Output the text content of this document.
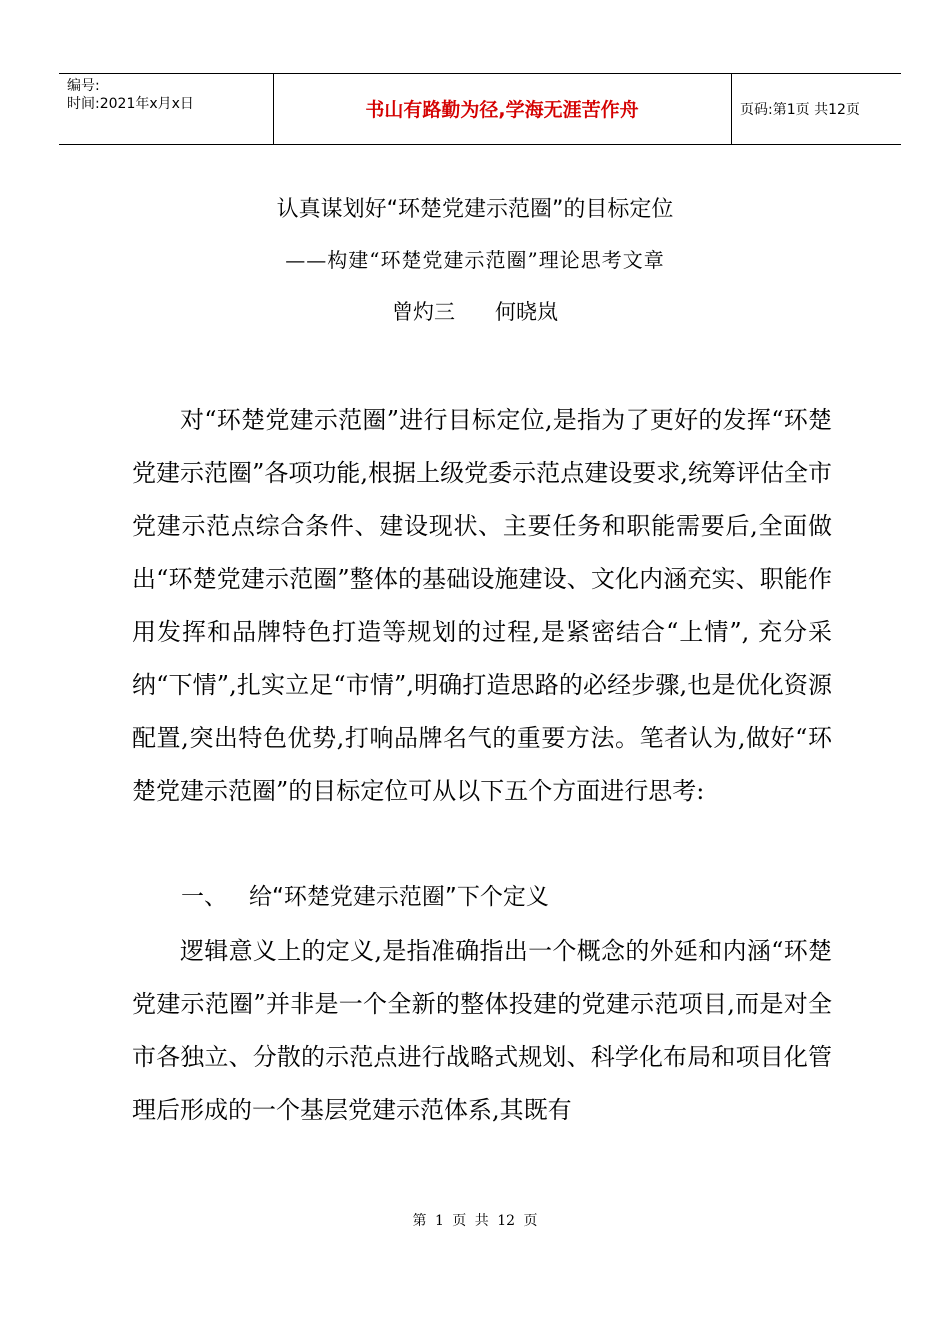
编号:
时间:2021年x月x日	书山有路勤为径,学海无涯苦作舟	页码:第1页 共12页
认真谋划好“环楚党建示范圈”的目标定位
——构建“环楚党建示范圈”理论思考文章
曾灼三 何晓岚
对“环楚党建示范圈”进行目标定位,是指为了更好的发挥“环楚党建示范圈”各项功能,根据上级党委示范点建设要求,统筹评估全市党建示范点综合条件、建设现状、主要任务和职能需要后,全面做出“环楚党建示范圈”整体的基础设施建设、文化内涵充实、职能作用发挥和品牌特色打造等规划的过程,是紧密结合“上情”, 充分采纳“下情”,扎实立足“市情”,明确打造思路的必经步骤,也是优化资源配置,突出特色优势,打响品牌名气的重要方法。笔者认为,做好“环楚党建示范圈”的目标定位可从以下五个方面进行思考:
一、 给“环楚党建示范圈”下个定义
逻辑意义上的定义,是指准确指出一个概念的外延和内涵“环楚党建示范圈”并非是一个全新的整体投建的党建示范项目,而是对全市各独立、分散的示范点进行战略式规划、科学化布局和项目化管理后形成的一个基层党建示范体系,其既有
第 1 页 共 12 页
